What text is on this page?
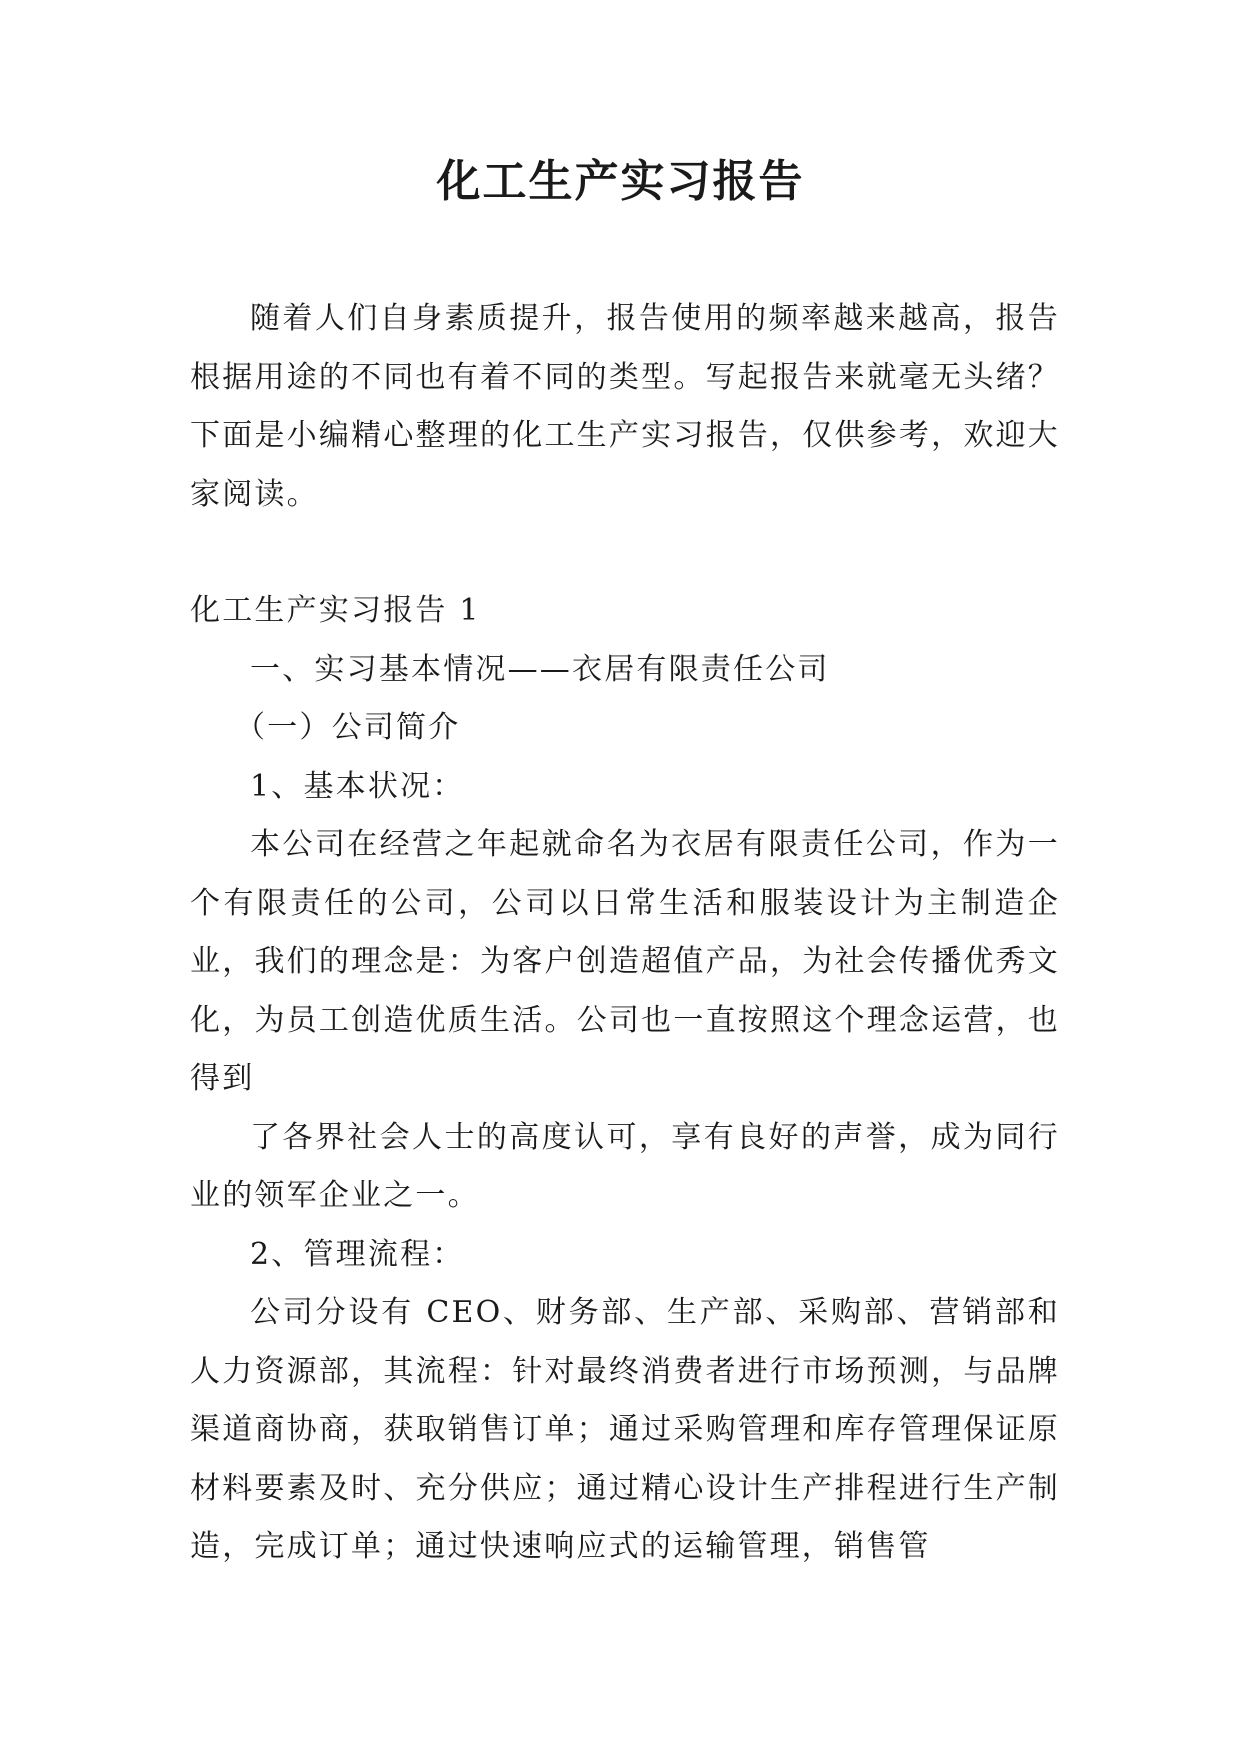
化工生产实习报告

随着人们自身素质提升，报告使用的频率越来越高，报告根据用途的不同也有着不同的类型。写起报告来就毫无头绪？下面是小编精心整理的化工生产实习报告，仅供参考，欢迎大家阅读。

化工生产实习报告 1

一、实习基本情况——衣居有限责任公司

（一）公司简介

1、基本状况：

本公司在经营之年起就命名为衣居有限责任公司，作为一个有限责任的公司，公司以日常生活和服装设计为主制造企业，我们的理念是：为客户创造超值产品，为社会传播优秀文化，为员工创造优质生活。公司也一直按照这个理念运营，也得到

了各界社会人士的高度认可，享有良好的声誉，成为同行业的领军企业之一。

2、管理流程：

公司分设有 CEO、财务部、生产部、采购部、营销部和人力资源部，其流程：针对最终消费者进行市场预测，与品牌渠道商协商，获取销售订单；通过采购管理和库存管理保证原材料要素及时、充分供应；通过精心设计生产排程进行生产制造，完成订单；通过快速响应式的运输管理，销售管
